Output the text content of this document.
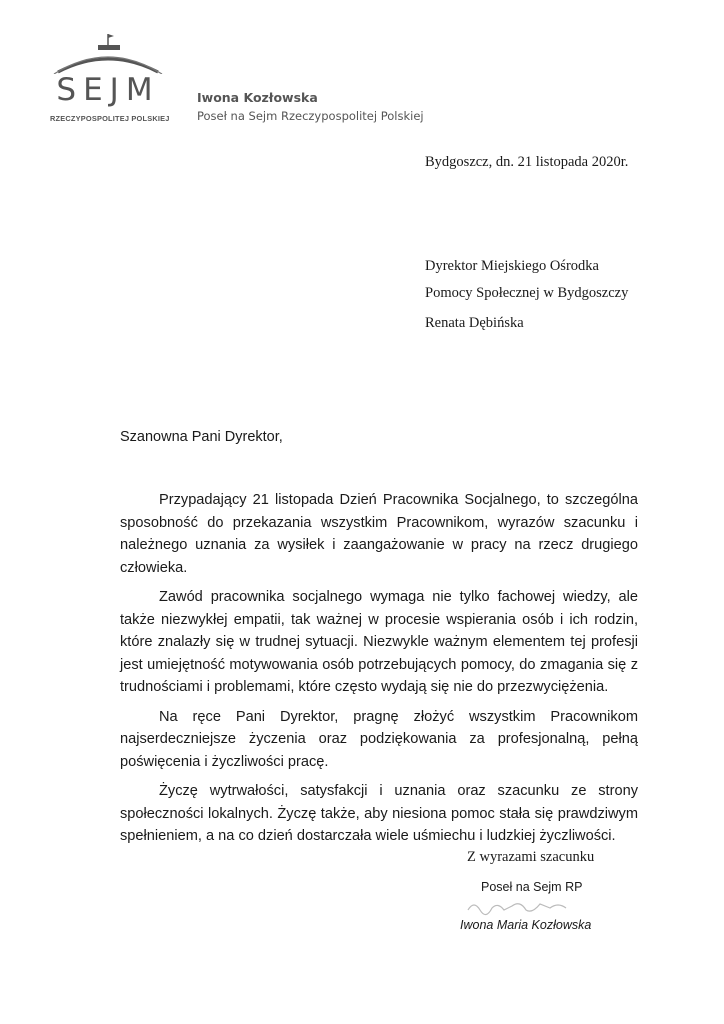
SEJM
RZECZYPOSPOLITEJ POLSKIEJ
Iwona Kozłowska
Poseł na Sejm Rzeczypospolitej Polskiej
Bydgoszcz, dn. 21 listopada 2020r.
Dyrektor Miejskiego Ośrodka
Pomocy Społecznej w Bydgoszczy
Renata Dębińska
Szanowna Pani Dyrektor,

Przypadający 21 listopada Dzień Pracownika Socjalnego, to szczególna sposobność do przekazania wszystkim Pracownikom, wyrazów szacunku i należnego uznania za wysiłek i zaangażowanie w pracy na rzecz drugiego człowieka.

Zawód pracownika socjalnego wymaga nie tylko fachowej wiedzy, ale także niezwykłej empatii, tak ważnej w procesie wspierania osób i ich rodzin, które znalazły się w trudnej sytuacji. Niezwykle ważnym elementem tej profesji jest umiejętność motywowania osób potrzebujących pomocy, do zmagania się z trudnościami i problemami, które często wydają się nie do przezwyciężenia.

Na ręce Pani Dyrektor, pragnę złożyć wszystkim Pracownikom najserdeczniejsze życzenia oraz podziękowania za profesjonalną, pełną poświęcenia i życzliwości pracę.

Życzę wytrwałości, satysfakcji i uznania oraz szacunku ze strony społeczności lokalnych. Życzę także, aby niesiona pomoc stała się prawdziwym spełnieniem, a na co dzień dostarczała wiele uśmiechu i ludzkiej życzliwości.

Z wyrazami szacunku
Poseł na Sejm RP
Iwona Maria Kozłowska
